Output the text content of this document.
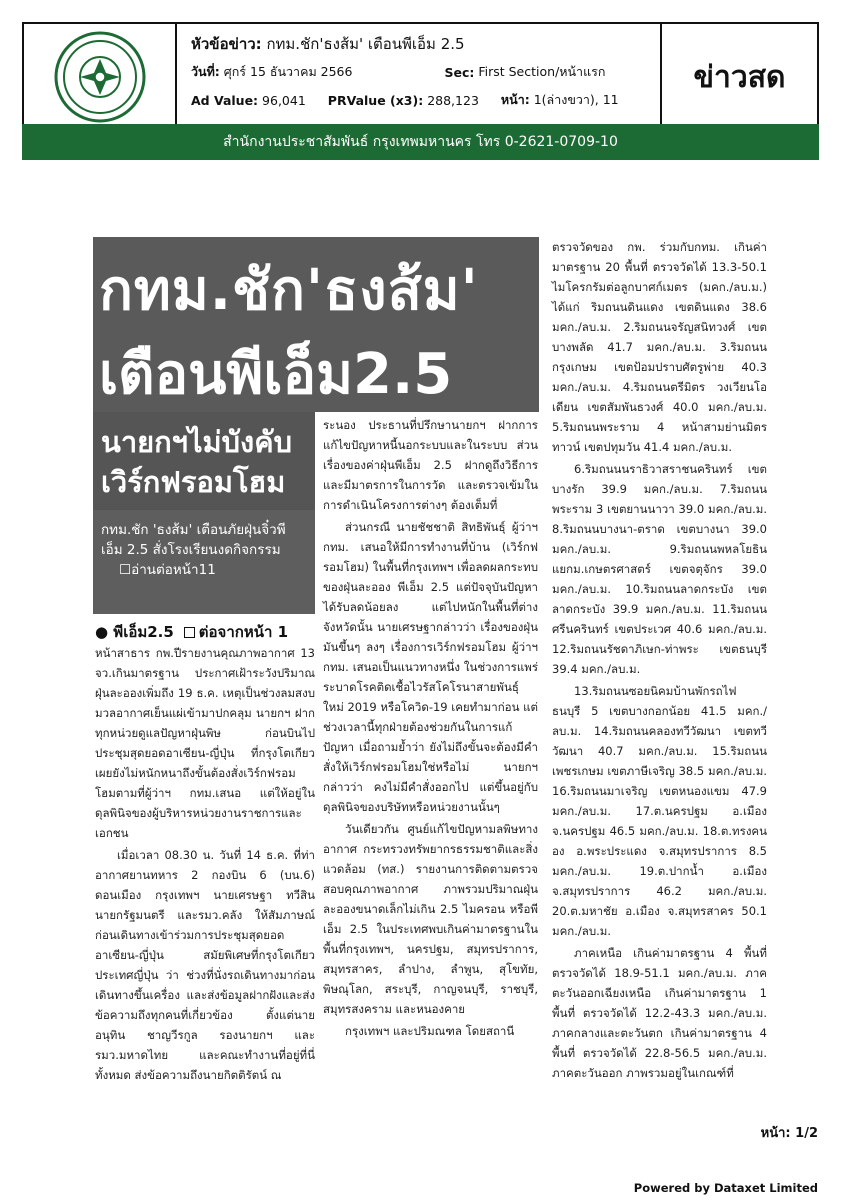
หัวข้อข่าว:
กทม.ชัก'ธงส้ม' เตือนพีเอ็ม 2.5
วันที่:
ศุกร์ 15 ธันวาคม 2566	Sec:
First Section/หน้าแรก
Ad Value:
96,041 PRValue (x3):
288,123 หน้า:
1(ล่างขวา), 11
ข่าวสด
สำนักงานประชาสัมพันธ์ กรุงเทพมหานคร โทร 0-2621-0709-10
กทม.ชัก'ธงส้ม'
เตือนพีเอ็ม2.5
นายกฯไม่บังคับ เวิร์กฟรอมโฮม
กทม.ชัก 'ธงส้ม' เตือนภัยฝุ่นจิ๋วพีเอ็ม 2.5 สั่งโรงเรียนงดกิจกรรม ☐อ่านต่อหน้า11
● พีเอ็ม2.5	ต่อจากหน้า 1

หน้าสาธาร กพ.ปีรายงานคุณภาพอากาศ 13 จว.เกินมาตรฐาน ประกาศเฝ้าระวังปริมาณฝุ่นละอองเพิ่มถึง 19 ธ.ค. เหตุเป็นช่วงลมสงบ มวลอากาศเย็นแผ่เข้ามาปกคลุม นายกฯ ฝากทุกหน่วยดูแลปัญหาฝุ่นพิษ ก่อนบินไปประชุมสุดยอดอาเซียน-ญี่ปุ่น ที่กรุงโตเกียว เผยยังไม่หนักหนาถึงขั้นต้องสั่งเวิร์กฟรอมโฮมตามที่ผู้ว่าฯ กทม.เสนอ แต่ให้อยู่ในดุลพินิจของผู้บริหารหน่วยงานราชการและเอกชน

เมื่อเวลา 08.30 น. วันที่ 14 ธ.ค. ที่ท่าอากาศยานทหาร 2 กองบิน 6 (บน.6) ดอนเมือง กรุงเทพฯ นายเศรษฐา ทวีสิน นายกรัฐมนตรี และรมว.คลัง ให้สัมภาษณ์ก่อนเดินทางเข้าร่วมการประชุมสุดยอดอาเซียน-ญี่ปุ่น สมัยพิเศษที่กรุงโตเกียว ประเทศญี่ปุ่น ว่า ช่วงที่นั่งรถเดินทางมาก่อนเดินทางขึ้นเครื่อง และส่งข้อมูลฝากฝังและส่งข้อความถึงทุกคนที่เกี่ยวข้อง ตั้งแต่นายอนุทิน ชาญวีรกูล รองนายกฯ และรมว.มหาดไทย และคณะทำงานที่อยู่ที่นี่ทั้งหมด ส่งข้อความถึงนายกิตติรัตน์ ณ

ระนอง ประธานที่ปรึกษานายกฯ ฝากการแก้ไขปัญหาหนี้นอกระบบและในระบบ ส่วนเรื่องของค่าฝุ่นพีเอ็ม 2.5 ฝากดูถึงวิธีการและมีมาตรการในการวัด และตรวจเข้มในการดำเนินโครงการต่างๆ ต้องเต็มที่

ส่วนกรณี นายชัชชาติ สิทธิพันธุ์ ผู้ว่าฯ กทม. เสนอให้มีการทำงานที่บ้าน (เวิร์กฟรอมโฮม) ในพื้นที่กรุงเทพฯ เพื่อลดผลกระทบของฝุ่นละออง พีเอ็ม 2.5 แต่ปัจจุบันปัญหาได้รับลดน้อยลง แต่ไปหนักในพื้นที่ต่างจังหวัดนั้น นายเศรษฐากล่าวว่า เรื่องของฝุ่นมันขึ้นๆ ลงๆ เรื่องการเวิร์กฟรอมโฮม ผู้ว่าฯ กทม. เสนอเป็นแนวทางหนึ่ง ในช่วงการแพร่ระบาดโรคติดเชื้อไวรัสโคโรนาสายพันธุ์ใหม่ 2019 หรือโควิด-19 เคยทำมาก่อน แต่ช่วงเวลานี้ทุกฝ่ายต้องช่วยกันในการแก้ปัญหา เมื่อถามย้ำว่า ยังไม่ถึงขั้นจะต้องมีคำสั่งให้เวิร์กฟรอมโฮมใช่หรือไม่ นายกฯ กล่าวว่า คงไม่มีคำสั่งออกไป แต่ขึ้นอยู่กับดุลพินิจของบริษัทหรือหน่วยงานนั้นๆ

วันเดียวกัน ศูนย์แก้ไขปัญหามลพิษทางอากาศ กระทรวงทรัพยากรธรรมชาติและสิ่งแวดล้อม (ทส.) รายงานการติดตามตรวจสอบคุณภาพอากาศ ภาพรวมปริมาณฝุ่นละอองขนาดเล็กไม่เกิน 2.5 ไมครอน หรือพีเอ็ม 2.5 ในประเทศพบเกินค่ามาตรฐานในพื้นที่กรุงเทพฯ, นครปฐม, สมุทรปราการ, สมุทรสาคร, ลำปาง, ลำพูน, สุโขทัย, พิษณุโลก, สระบุรี, กาญจนบุรี, ราชบุรี, สมุทรสงคราม และหนองคาย

กรุงเทพฯ และปริมณฑล โดยสถานี

ตรวจวัดของ กพ. ร่วมกับกทม. เกินค่ามาตรฐาน 20 พื้นที่ ตรวจวัดได้ 13.3-50.1 ไมโครกรัมต่อลูกบาศก์เมตร (มคก./ลบ.ม.) ได้แก่ ริมถนนดินแดง เขตดินแดง 38.6 มคก./ลบ.ม. 2.ริมถนนจรัญสนิทวงศ์ เขตบางพลัด 41.7 มคก./ลบ.ม. 3.ริมถนนกรุงเกษม เขตป้อมปราบศัตรูพ่าย 40.3 มคก./ลบ.ม. 4.ริมถนนตรีมิตร วงเวียนโอเดียน เขตสัมพันธวงศ์ 40.0 มคก./ลบ.ม. 5.ริมถนนพระราม 4 หน้าสามย่านมิตรทาวน์ เขตปทุมวัน 41.4 มคก./ลบ.ม.

6.ริมถนนนราธิวาสราชนครินทร์ เขตบางรัก 39.9 มคก./ลบ.ม. 7.ริมถนนพระราม 3 เขตยานนาวา 39.0 มคก./ลบ.ม. 8.ริมถนนบางนา-ตราด เขตบางนา 39.0 มคก./ลบ.ม. 9.ริมถนนพหลโยธิน แยกม.เกษตรศาสตร์ เขตจตุจักร 39.0 มคก./ลบ.ม. 10.ริมถนนลาดกระบัง เขตลาดกระบัง 39.9 มคก./ลบ.ม. 11.ริมถนนศรีนครินทร์ เขตประเวศ 40.6 มคก./ลบ.ม. 12.ริมถนนรัชดาภิเษก-ท่าพระ เขตธนบุรี 39.4 มคก./ลบ.ม.

13.ริมถนนซอยนิคมบ้านพักรถไฟ ธนบุรี 5 เขตบางกอกน้อย 41.5 มคก./ลบ.ม. 14.ริมถนนคลองทวีวัฒนา เขตทวีวัฒนา 40.7 มคก./ลบ.ม. 15.ริมถนนเพชรเกษม เขตภาษีเจริญ 38.5 มคก./ลบ.ม. 16.ริมถนนมาเจริญ เขตหนองแขม 47.9 มคก./ลบ.ม. 17.ต.นครปฐม อ.เมือง จ.นครปฐม 46.5 มคก./ลบ.ม. 18.ต.ทรงคนอง อ.พระประแดง จ.สมุทรปราการ 8.5 มคก./ลบ.ม. 19.ต.ปากน้ำ อ.เมือง จ.สมุทรปราการ 46.2 มคก./ลบ.ม. 20.ต.มหาชัย อ.เมือง จ.สมุทรสาคร 50.1 มคก./ลบ.ม.

ภาคเหนือ เกินค่ามาตรฐาน 4 พื้นที่ ตรวจวัดได้ 18.9-51.1 มคก./ลบ.ม. ภาคตะวันออกเฉียงเหนือ เกินค่ามาตรฐาน 1 พื้นที่ ตรวจวัดได้ 12.2-43.3 มคก./ลบ.ม. ภาคกลางและตะวันตก เกินค่ามาตรฐาน 4 พื้นที่ ตรวจวัดได้ 22.8-56.5 มคก./ลบ.ม. ภาคตะวันออก ภาพรวมอยู่ในเกณฑ์ที่

หน้า: 1/2
Powered by Dataxet Limited
